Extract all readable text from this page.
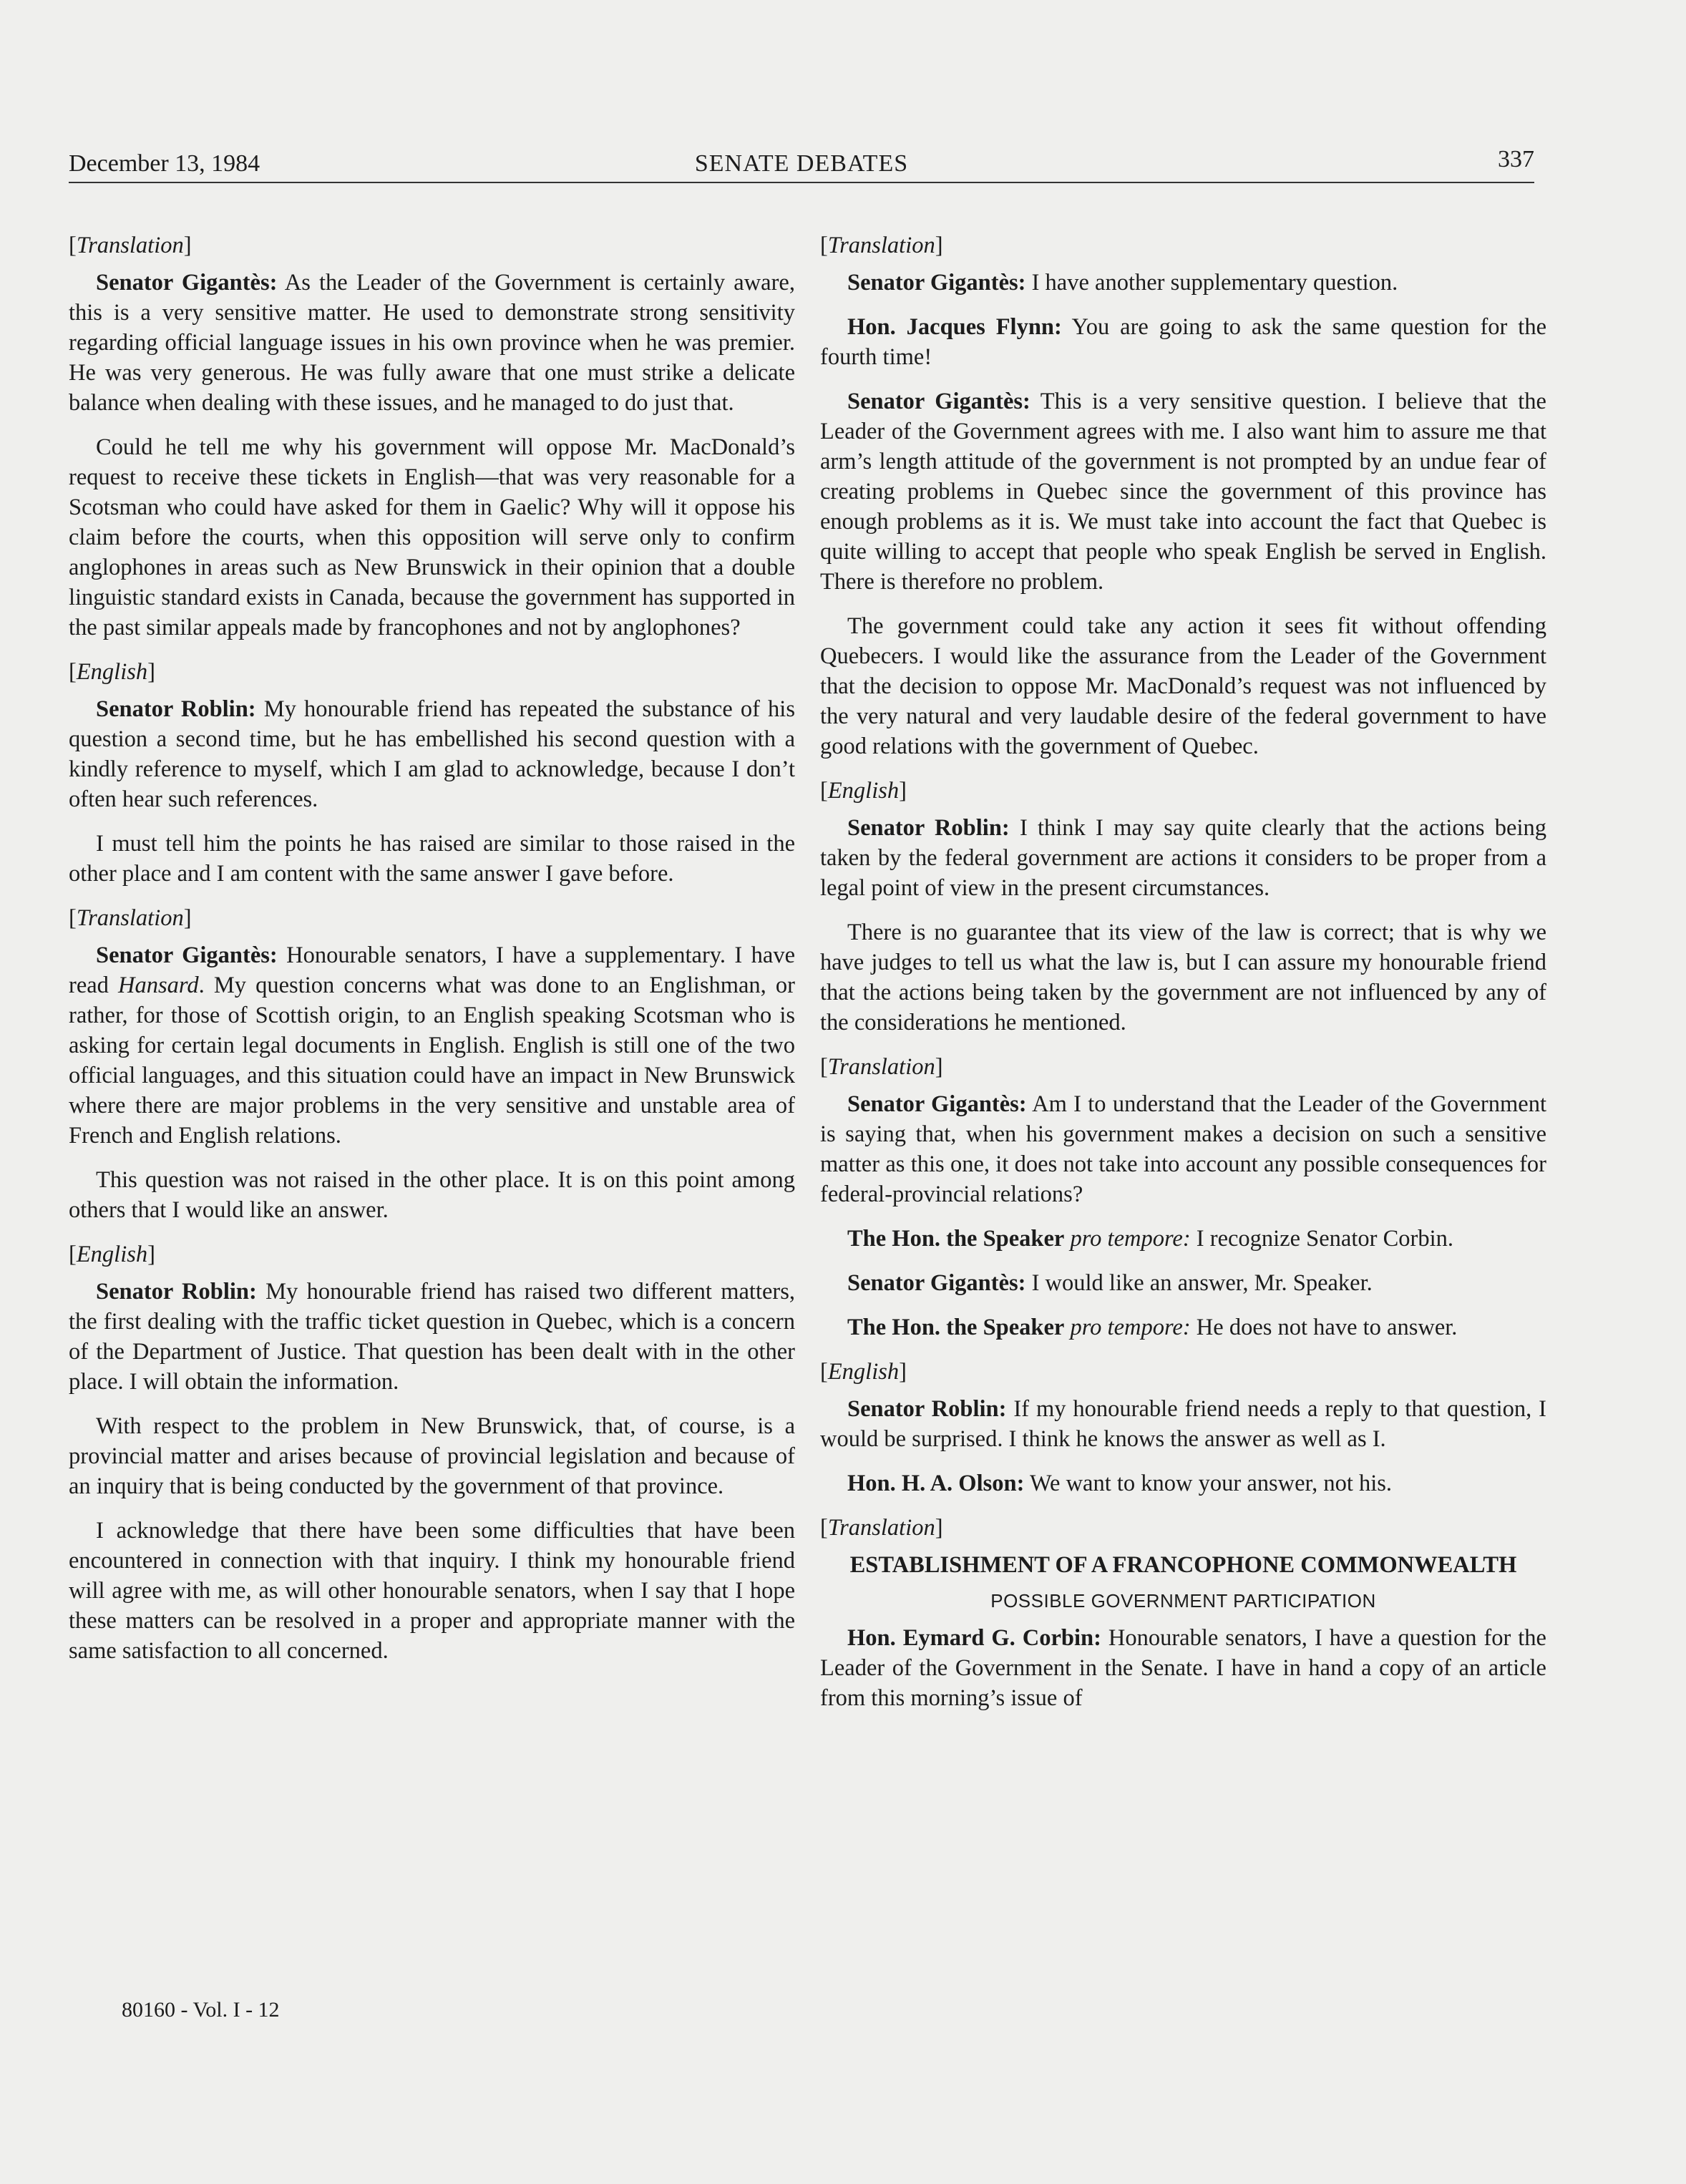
December 13, 1984	SENATE DEBATES	337

[Translation]

Senator Gigantès: As the Leader of the Government is certainly aware, this is a very sensitive matter. He used to demonstrate strong sensitivity regarding official language issues in his own province when he was premier. He was very generous. He was fully aware that one must strike a delicate balance when dealing with these issues, and he managed to do just that.

Could he tell me why his government will oppose Mr. MacDonald’s request to receive these tickets in English—that was very reasonable for a Scotsman who could have asked for them in Gaelic? Why will it oppose his claim before the courts, when this opposition will serve only to confirm anglophones in areas such as New Brunswick in their opinion that a double linguistic standard exists in Canada, because the government has supported in the past similar appeals made by francophones and not by anglophones?

[English]

Senator Roblin: My honourable friend has repeated the substance of his question a second time, but he has embellished his second question with a kindly reference to myself, which I am glad to acknowledge, because I don’t often hear such references.

I must tell him the points he has raised are similar to those raised in the other place and I am content with the same answer I gave before.

[Translation]

Senator Gigantès: Honourable senators, I have a supplementary. I have read Hansard. My question concerns what was done to an Englishman, or rather, for those of Scottish origin, to an English speaking Scotsman who is asking for certain legal documents in English. English is still one of the two official languages, and this situation could have an impact in New Brunswick where there are major problems in the very sensitive and unstable area of French and English relations.

This question was not raised in the other place. It is on this point among others that I would like an answer.

[English]

Senator Roblin: My honourable friend has raised two different matters, the first dealing with the traffic ticket question in Quebec, which is a concern of the Department of Justice. That question has been dealt with in the other place. I will obtain the information.

With respect to the problem in New Brunswick, that, of course, is a provincial matter and arises because of provincial legislation and because of an inquiry that is being conducted by the government of that province.

I acknowledge that there have been some difficulties that have been encountered in connection with that inquiry. I think my honourable friend will agree with me, as will other honourable senators, when I say that I hope these matters can be resolved in a proper and appropriate manner with the same satisfaction to all concerned.

[Translation]

Senator Gigantès: I have another supplementary question.

Hon. Jacques Flynn: You are going to ask the same question for the fourth time!

Senator Gigantès: This is a very sensitive question. I believe that the Leader of the Government agrees with me. I also want him to assure me that arm’s length attitude of the government is not prompted by an undue fear of creating problems in Quebec since the government of this province has enough problems as it is. We must take into account the fact that Quebec is quite willing to accept that people who speak English be served in English. There is therefore no problem.

The government could take any action it sees fit without offending Quebecers. I would like the assurance from the Leader of the Government that the decision to oppose Mr. MacDonald’s request was not influenced by the very natural and very laudable desire of the federal government to have good relations with the government of Quebec.

[English]

Senator Roblin: I think I may say quite clearly that the actions being taken by the federal government are actions it considers to be proper from a legal point of view in the present circumstances.

There is no guarantee that its view of the law is correct; that is why we have judges to tell us what the law is, but I can assure my honourable friend that the actions being taken by the government are not influenced by any of the considerations he mentioned.

[Translation]

Senator Gigantès: Am I to understand that the Leader of the Government is saying that, when his government makes a decision on such a sensitive matter as this one, it does not take into account any possible consequences for federal-provincial relations?

The Hon. the Speaker pro tempore: I recognize Senator Corbin.

Senator Gigantès: I would like an answer, Mr. Speaker.

The Hon. the Speaker pro tempore: He does not have to answer.

[English]

Senator Roblin: If my honourable friend needs a reply to that question, I would be surprised. I think he knows the answer as well as I.

Hon. H. A. Olson: We want to know your answer, not his.

[Translation]

ESTABLISHMENT OF A FRANCOPHONE COMMONWEALTH
POSSIBLE GOVERNMENT PARTICIPATION

Hon. Eymard G. Corbin: Honourable senators, I have a question for the Leader of the Government in the Senate. I have in hand a copy of an article from this morning’s issue of

80160 - Vol. I - 12
